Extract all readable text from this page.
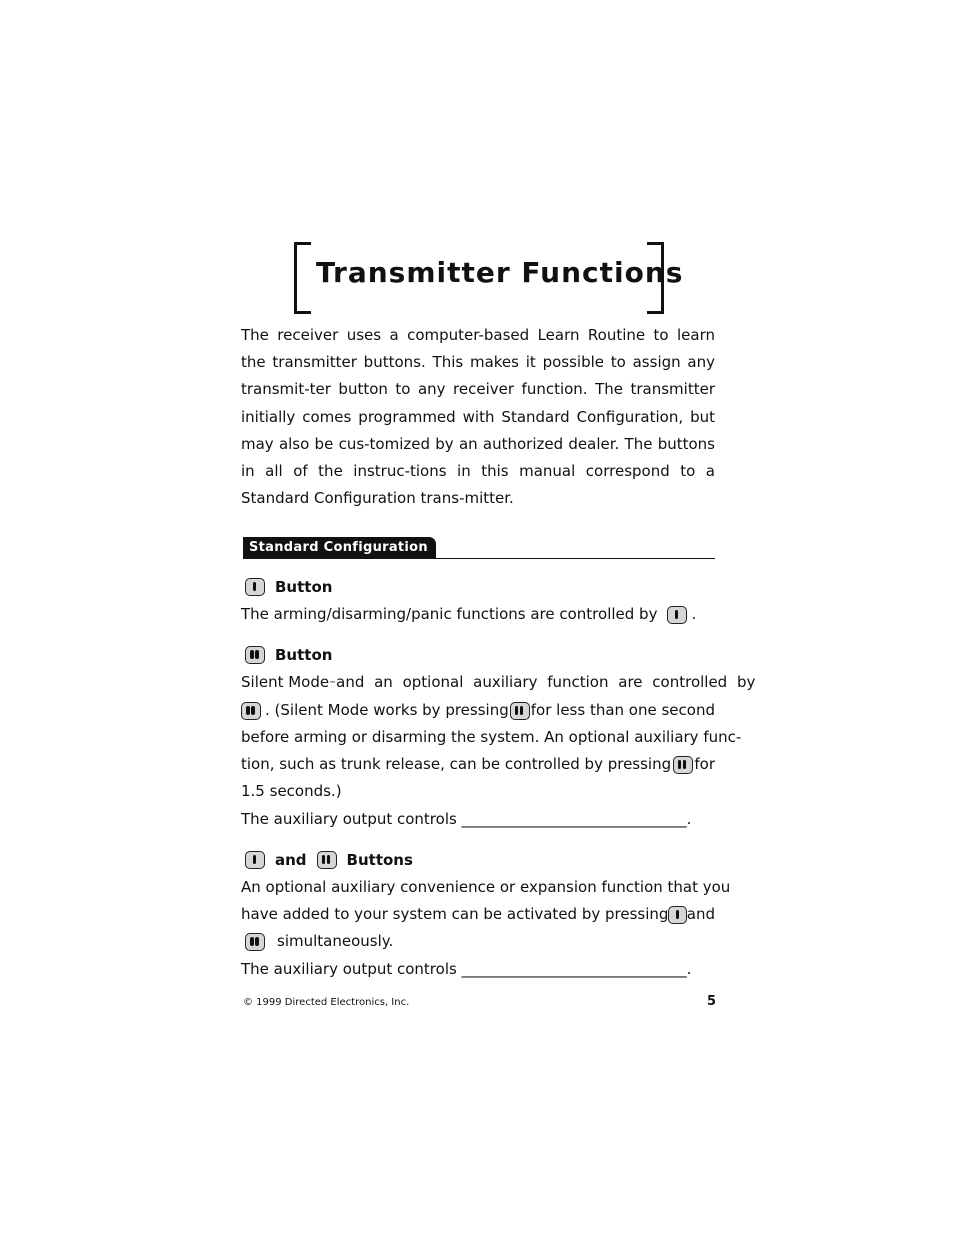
Transmitter Functions
The receiver uses a computer-based Learn Routine to learn the transmitter buttons. This makes it possible to assign any transmit-ter button to any receiver function. The transmitter initially comes programmed with Standard Configuration, but may also be cus-tomized by an authorized dealer. The buttons in all of the instruc-tions in this manual correspond to a Standard Configuration trans-mitter.
Standard Configuration
Button
The arming/disarming/panic functions are controlled by .
Button
Silent Mode™ and an optional auxiliary function are controlled by
. (Silent Mode works by pressing for less than one second
before arming or disarming the system. An optional auxiliary func-
tion, such as trunk release, can be controlled by pressing for
1.5 seconds.)
The auxiliary output controls ______________________________.
and	Buttons
An optional auxiliary convenience or expansion function that you
have added to your system can be activated by pressing and
simultaneously.
The auxiliary output controls ______________________________.
© 1999 Directed Electronics, Inc.	5
